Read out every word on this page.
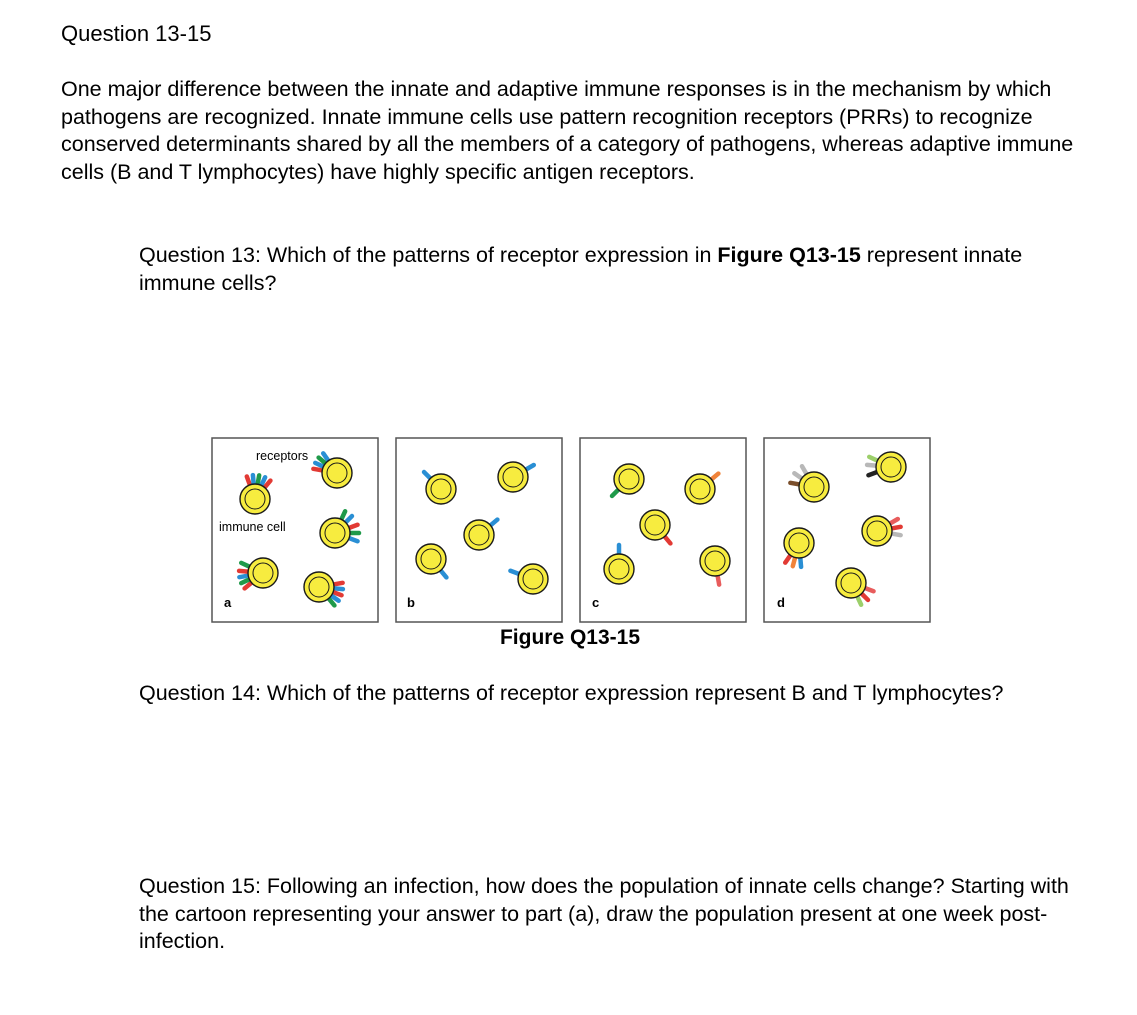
Question 13-15
One major difference between the innate and adaptive immune responses is in the mechanism by which pathogens are recognized. Innate immune cells use pattern recognition receptors (PRRs) to recognize conserved determinants shared by all the members of a category of pathogens, whereas adaptive immune cells (B and T lymphocytes) have highly specific antigen receptors.
Question 13: Which of the patterns of receptor expression in Figure Q13-15 represent innate immune cells?
receptors
immune cell
a	b	c	d
Figure Q13-15
Question 14: Which of the patterns of receptor expression represent B and T lymphocytes?
Question 15: Following an infection, how does the population of innate cells change? Starting with the cartoon representing your answer to part (a), draw the population present at one week post-infection.
